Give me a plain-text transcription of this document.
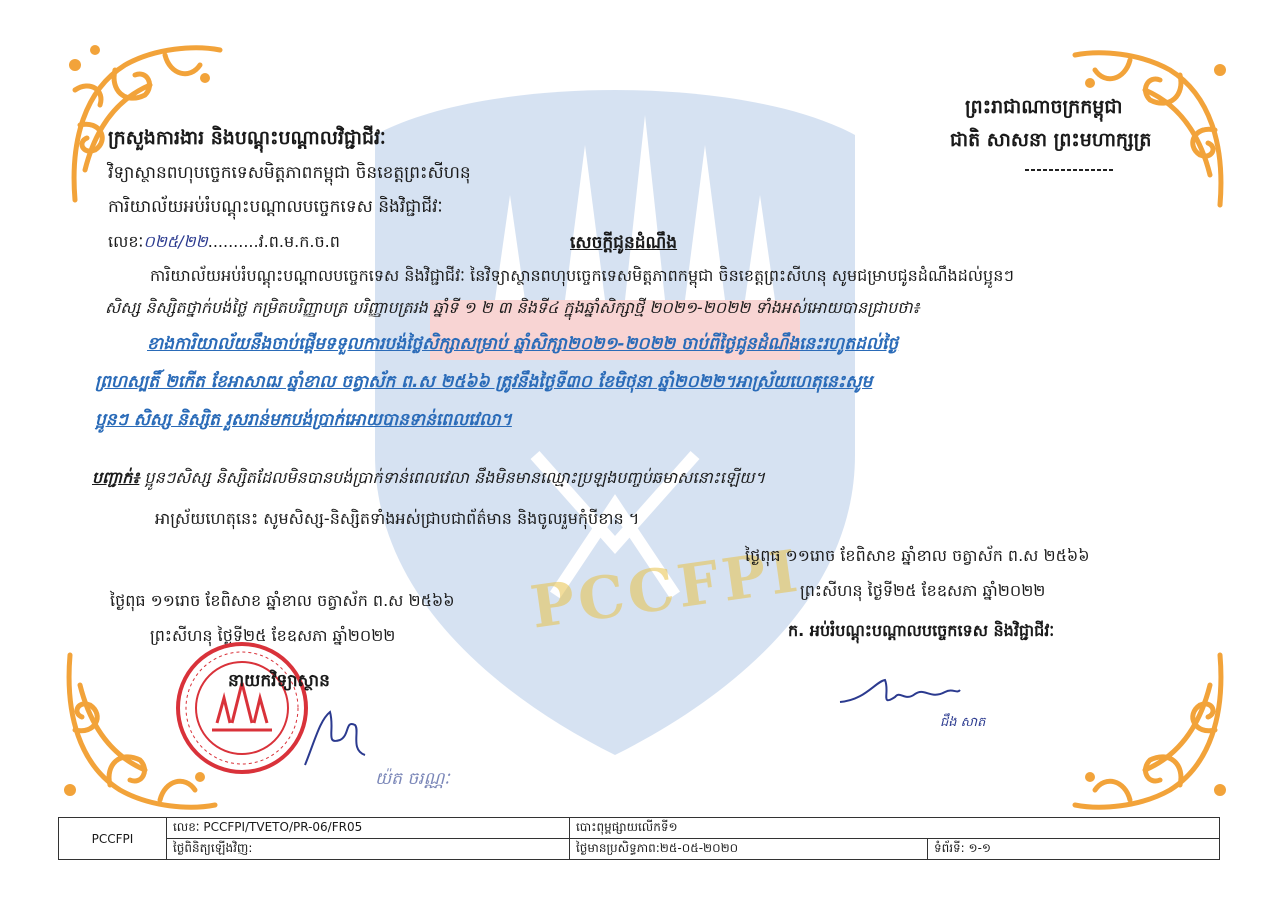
PCCFPI
ក្រសួងការងារ និងបណ្តុះបណ្តាលវិជ្ជាជីវៈ
វិទ្យាស្ថានពហុបច្ចេកទេសមិត្តភាពកម្ពុជា ចិនខេត្តព្រះសីហនុ
ការិយាល័យអប់រំបណ្តុះបណ្តាលបច្ចេកទេស និងវិជ្ជាជីវៈ
លេខៈ០២៥/២២..........វ.ព.ម.ក.ច.ព
ព្រះរាជាណាចក្រកម្ពុជា
ជាតិ សាសនា ព្រះមហាក្សត្រ
សេចក្តីជូនដំណឹង
ការិយាល័យអប់រំបណ្តុះបណ្តាលបច្ចេកទេស និងវិជ្ជាជីវៈ នៃវិទ្យាស្ថានពហុបច្ចេកទេសមិត្តភាពកម្ពុជា ចិនខេត្តព្រះសីហនុ សូមជម្រាបជូនដំណឹងដល់ប្អូនៗ
សិស្ស និស្សិតថ្នាក់បង់ថ្លៃ កម្រិតបរិញ្ញាបត្រ បរិញ្ញាបត្ររង ឆ្នាំទី ១ ២ ៣ និងទី៤ ក្នុងឆ្នាំសិក្សាថ្មី ២០២១-២០២២ ទាំងអស់អោយបានជ្រាបថា៖
ខាងការិយាល័យនឹងចាប់ផ្តើមទទួលការបង់ថ្លៃសិក្សាសម្រាប់ ឆ្នាំសិក្សា២០២១-២០២២ ចាប់ពីថ្ងៃជូនដំណឹងនេះរហូតដល់ថ្ងៃ
ព្រហស្បតិ៍ ២កើត ខែអាសាឍ ឆ្នាំខាល ចត្វាស័ក ព.ស ២៥៦៦ ត្រូវនឹងថ្ងៃទី៣០ ខែមិថុនា ឆ្នាំ២០២២។អាស្រ័យហេតុនេះសូម
ប្អូនៗ សិស្ស និស្សិត រួសរាន់មកបង់ប្រាក់អោយបានទាន់ពេលវេលា។
បញ្ជាក់៖ ប្អូនៗសិស្ស និស្សិតដែលមិនបានបង់ប្រាក់ទាន់ពេលវេលា នឹងមិនមានឈ្មោះប្រឡងបញ្ចប់ឆមាសនោះឡើយ។
អាស្រ័យហេតុនេះ សូមសិស្ស-និស្សិតទាំងអស់ជ្រាបជាព័ត៌មាន និងចូលរួមកុំបីខាន ។
ថ្ងៃពុធ ១១រោច ខែពិសាខ ឆ្នាំខាល ចត្វាស័ក ព.ស ២៥៦៦
ព្រះសីហនុ ថ្ងៃទី២៥ ខែឧសភា ឆ្នាំ២០២២
ក. អប់រំបណ្តុះបណ្តាលបច្ចេកទេស និងវិជ្ជាជីវៈ
ជឹង សាត
ថ្ងៃពុធ ១១រោច ខែពិសាខ ឆ្នាំខាល ចត្វាស័ក ព.ស ២៥៦៦
ព្រះសីហនុ ថ្ងៃទី២៥ ខែឧសភា ឆ្នាំ២០២២
នាយកវិទ្យាស្ថាន
យ៉ត ចរណ្ណៈ
PCCFPI	លេខៈ PCCFPI/TVETO/PR-06/FR05	បោះពុម្ពផ្សាយលើកទី១	
	ថ្ងៃពិនិត្យឡើងវិញ:	ថ្ងៃមានប្រសិទ្ធភាព:២៥-០៥-២០២០	ទំព័រទី: ១-១
